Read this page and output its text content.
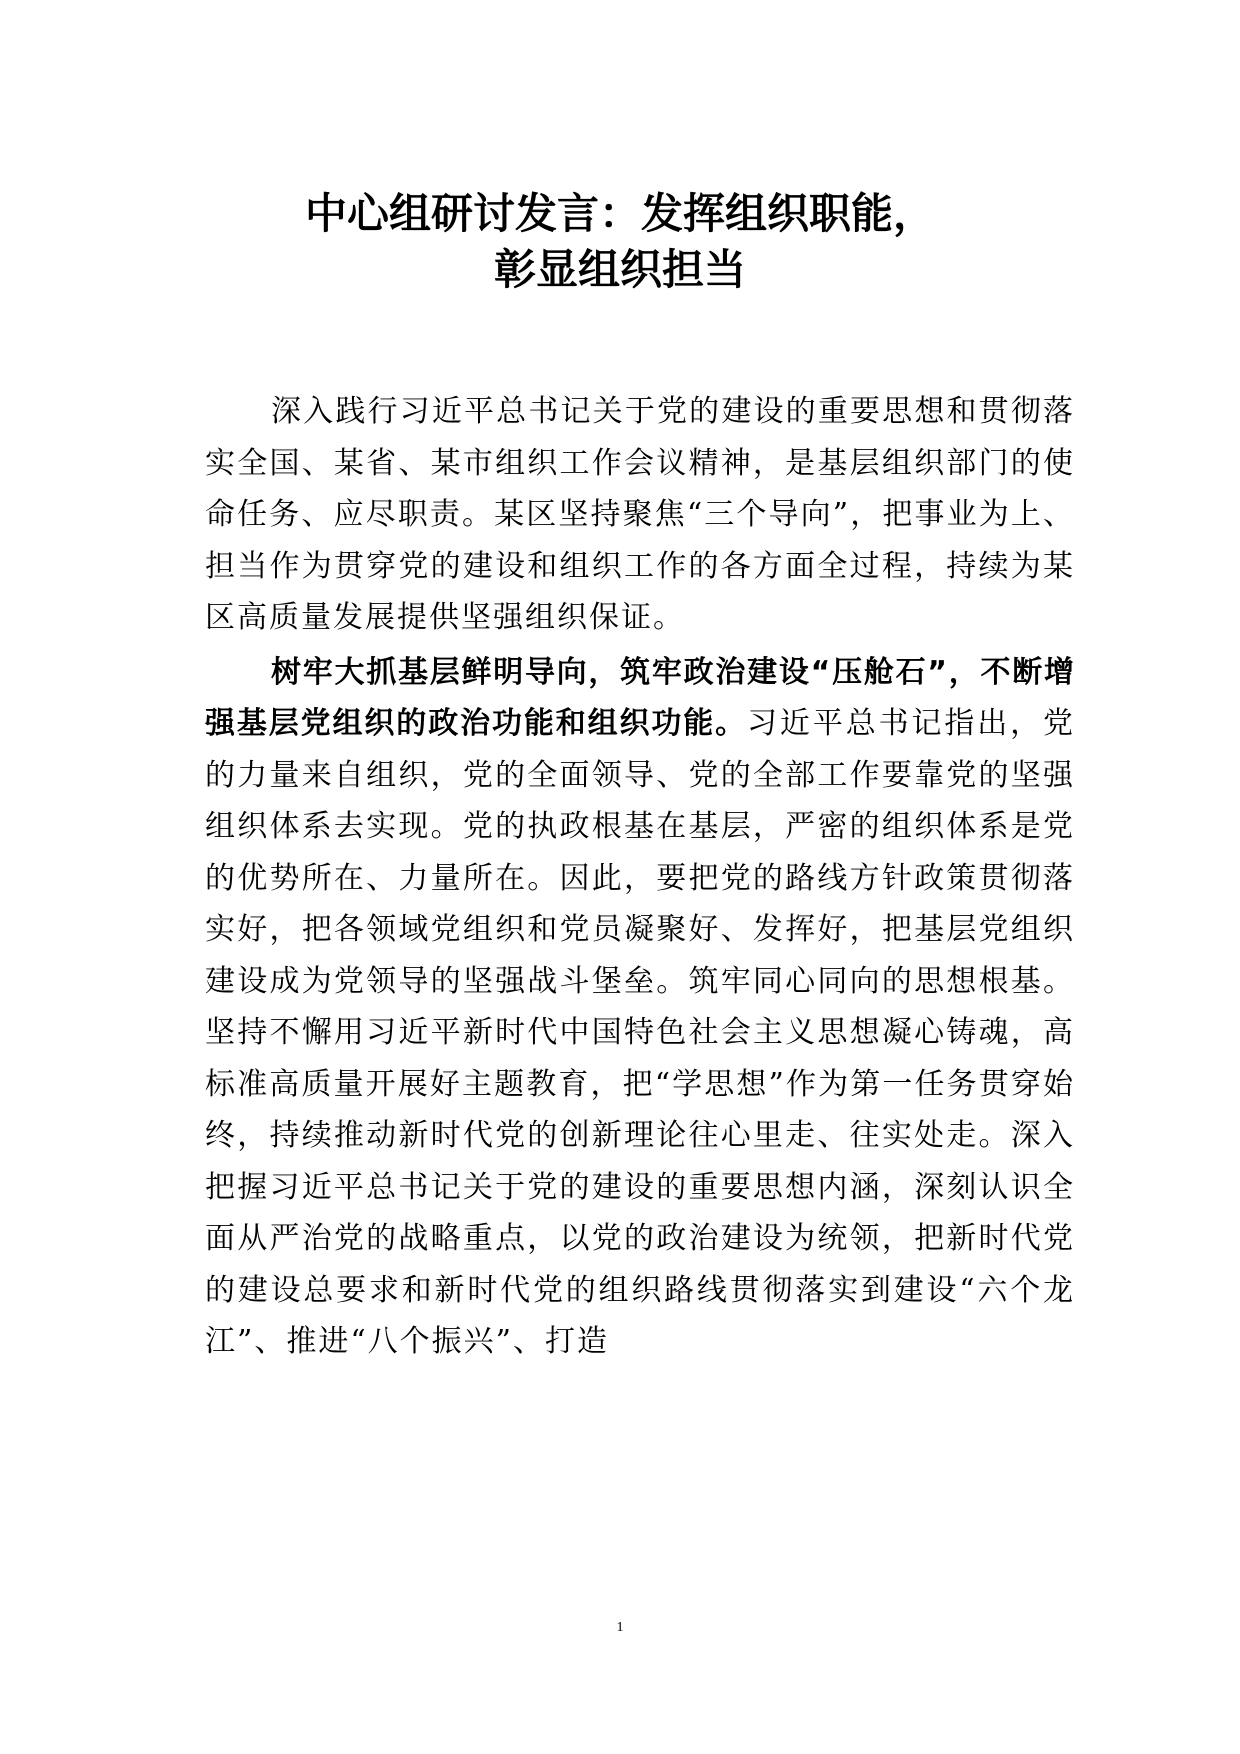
中心组研讨发言：发挥组织职能，
彰显组织担当

深入践行习近平总书记关于党的建设的重要思想和贯彻落实全国、某省、某市组织工作会议精神，是基层组织部门的使命任务、应尽职责。某区坚持聚焦“三个导向”，把事业为上、担当作为贯穿党的建设和组织工作的各方面全过程，持续为某区高质量发展提供坚强组织保证。

树牢大抓基层鲜明导向，筑牢政治建设“压舱石”，不断增强基层党组织的政治功能和组织功能。习近平总书记指出，党的力量来自组织，党的全面领导、党的全部工作要靠党的坚强组织体系去实现。党的执政根基在基层，严密的组织体系是党的优势所在、力量所在。因此，要把党的路线方针政策贯彻落实好，把各领域党组织和党员凝聚好、发挥好，把基层党组织建设成为党领导的坚强战斗堡垒。筑牢同心同向的思想根基。坚持不懈用习近平新时代中国特色社会主义思想凝心铸魂，高标准高质量开展好主题教育，把“学思想”作为第一任务贯穿始终，持续推动新时代党的创新理论往心里走、往实处走。深入把握习近平总书记关于党的建设的重要思想内涵，深刻认识全面从严治党的战略重点，以党的政治建设为统领，把新时代党的建设总要求和新时代党的组织路线贯彻落实到建设“六个龙江”、推进“八个振兴”、打造

1
